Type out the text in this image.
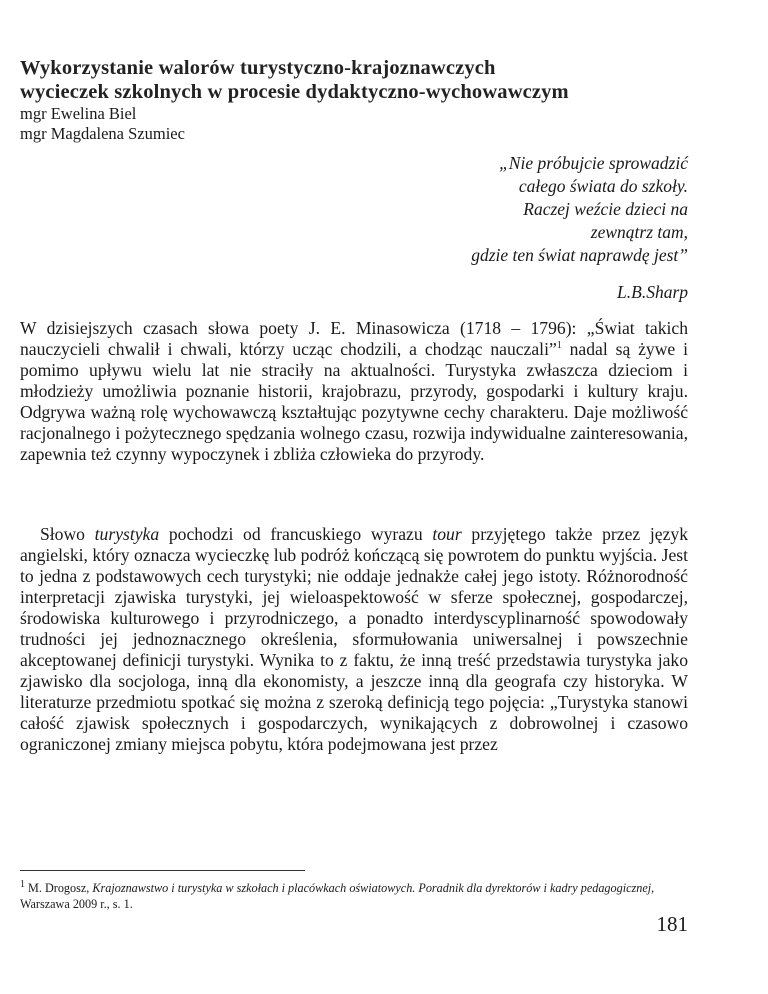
Wykorzystanie walorów turystyczno-krajoznawczych
wycieczek szkolnych w procesie dydaktyczno-wychowawczym
mgr Ewelina Biel
mgr Magdalena Szumiec
„Nie próbujcie sprowadzić
całego świata do szkoły.
Raczej weźcie dzieci na
zewnątrz tam,
gdzie ten świat naprawdę jest”
L.B.Sharp

W dzisiejszych czasach słowa poety J. E. Minasowicza (1718 – 1796): „Świat takich nauczycieli chwalił i chwali, którzy ucząc chodzili, a chodząc nauczali”$^1$ nadal są żywe i pomimo upływu wielu lat nie straciły na aktualności. Turystyka zwłaszcza dzieciom i młodzieży umożliwia poznanie historii, krajobrazu, przyrody, gospodarki i kultury kraju. Odgrywa ważną rolę wychowawczą kształtując pozytywne cechy charakteru. Daje możliwość racjonalnego i pożytecznego spędzania wolnego czasu, rozwija indywidualne zainteresowania, zapewnia też czynny wypoczynek i zbliża człowieka do przyrody.

Słowo turystyka pochodzi od francuskiego wyrazu tour przyjętego także przez język angielski, który oznacza wycieczkę lub podróż kończącą się powrotem do punktu wyjścia. Jest to jedna z podstawowych cech turystyki; nie oddaje jednakże całej jego istoty. Różnorodność interpretacji zjawiska turystyki, jej wieloaspektowość w sferze społecznej, gospodarczej, środowiska kulturowego i przyrodniczego, a ponadto interdyscyplinarność spowodowały trudności jej jednoznacznego określenia, sformułowania uniwersalnej i powszechnie akceptowanej definicji turystyki. Wynika to z faktu, że inną treść przedstawia turystyka jako zjawisko dla socjologa, inną dla ekonomisty, a jeszcze inną dla geografa czy historyka. W literaturze przedmiotu spotkać się można z szeroką definicją tego pojęcia: „Turystyka stanowi całość zjawisk społecznych i gospodarczych, wynikających z dobrowolnej i czasowo ograniczonej zmiany miejsca pobytu, która podejmowana jest przez

$^1$ M. Drogosz, Krajoznawstwo i turystyka w szkołach i placówkach oświatowych. Poradnik dla dyrektorów i kadry pedagogicznej, Warszawa 2009 r., s. 1.
181
